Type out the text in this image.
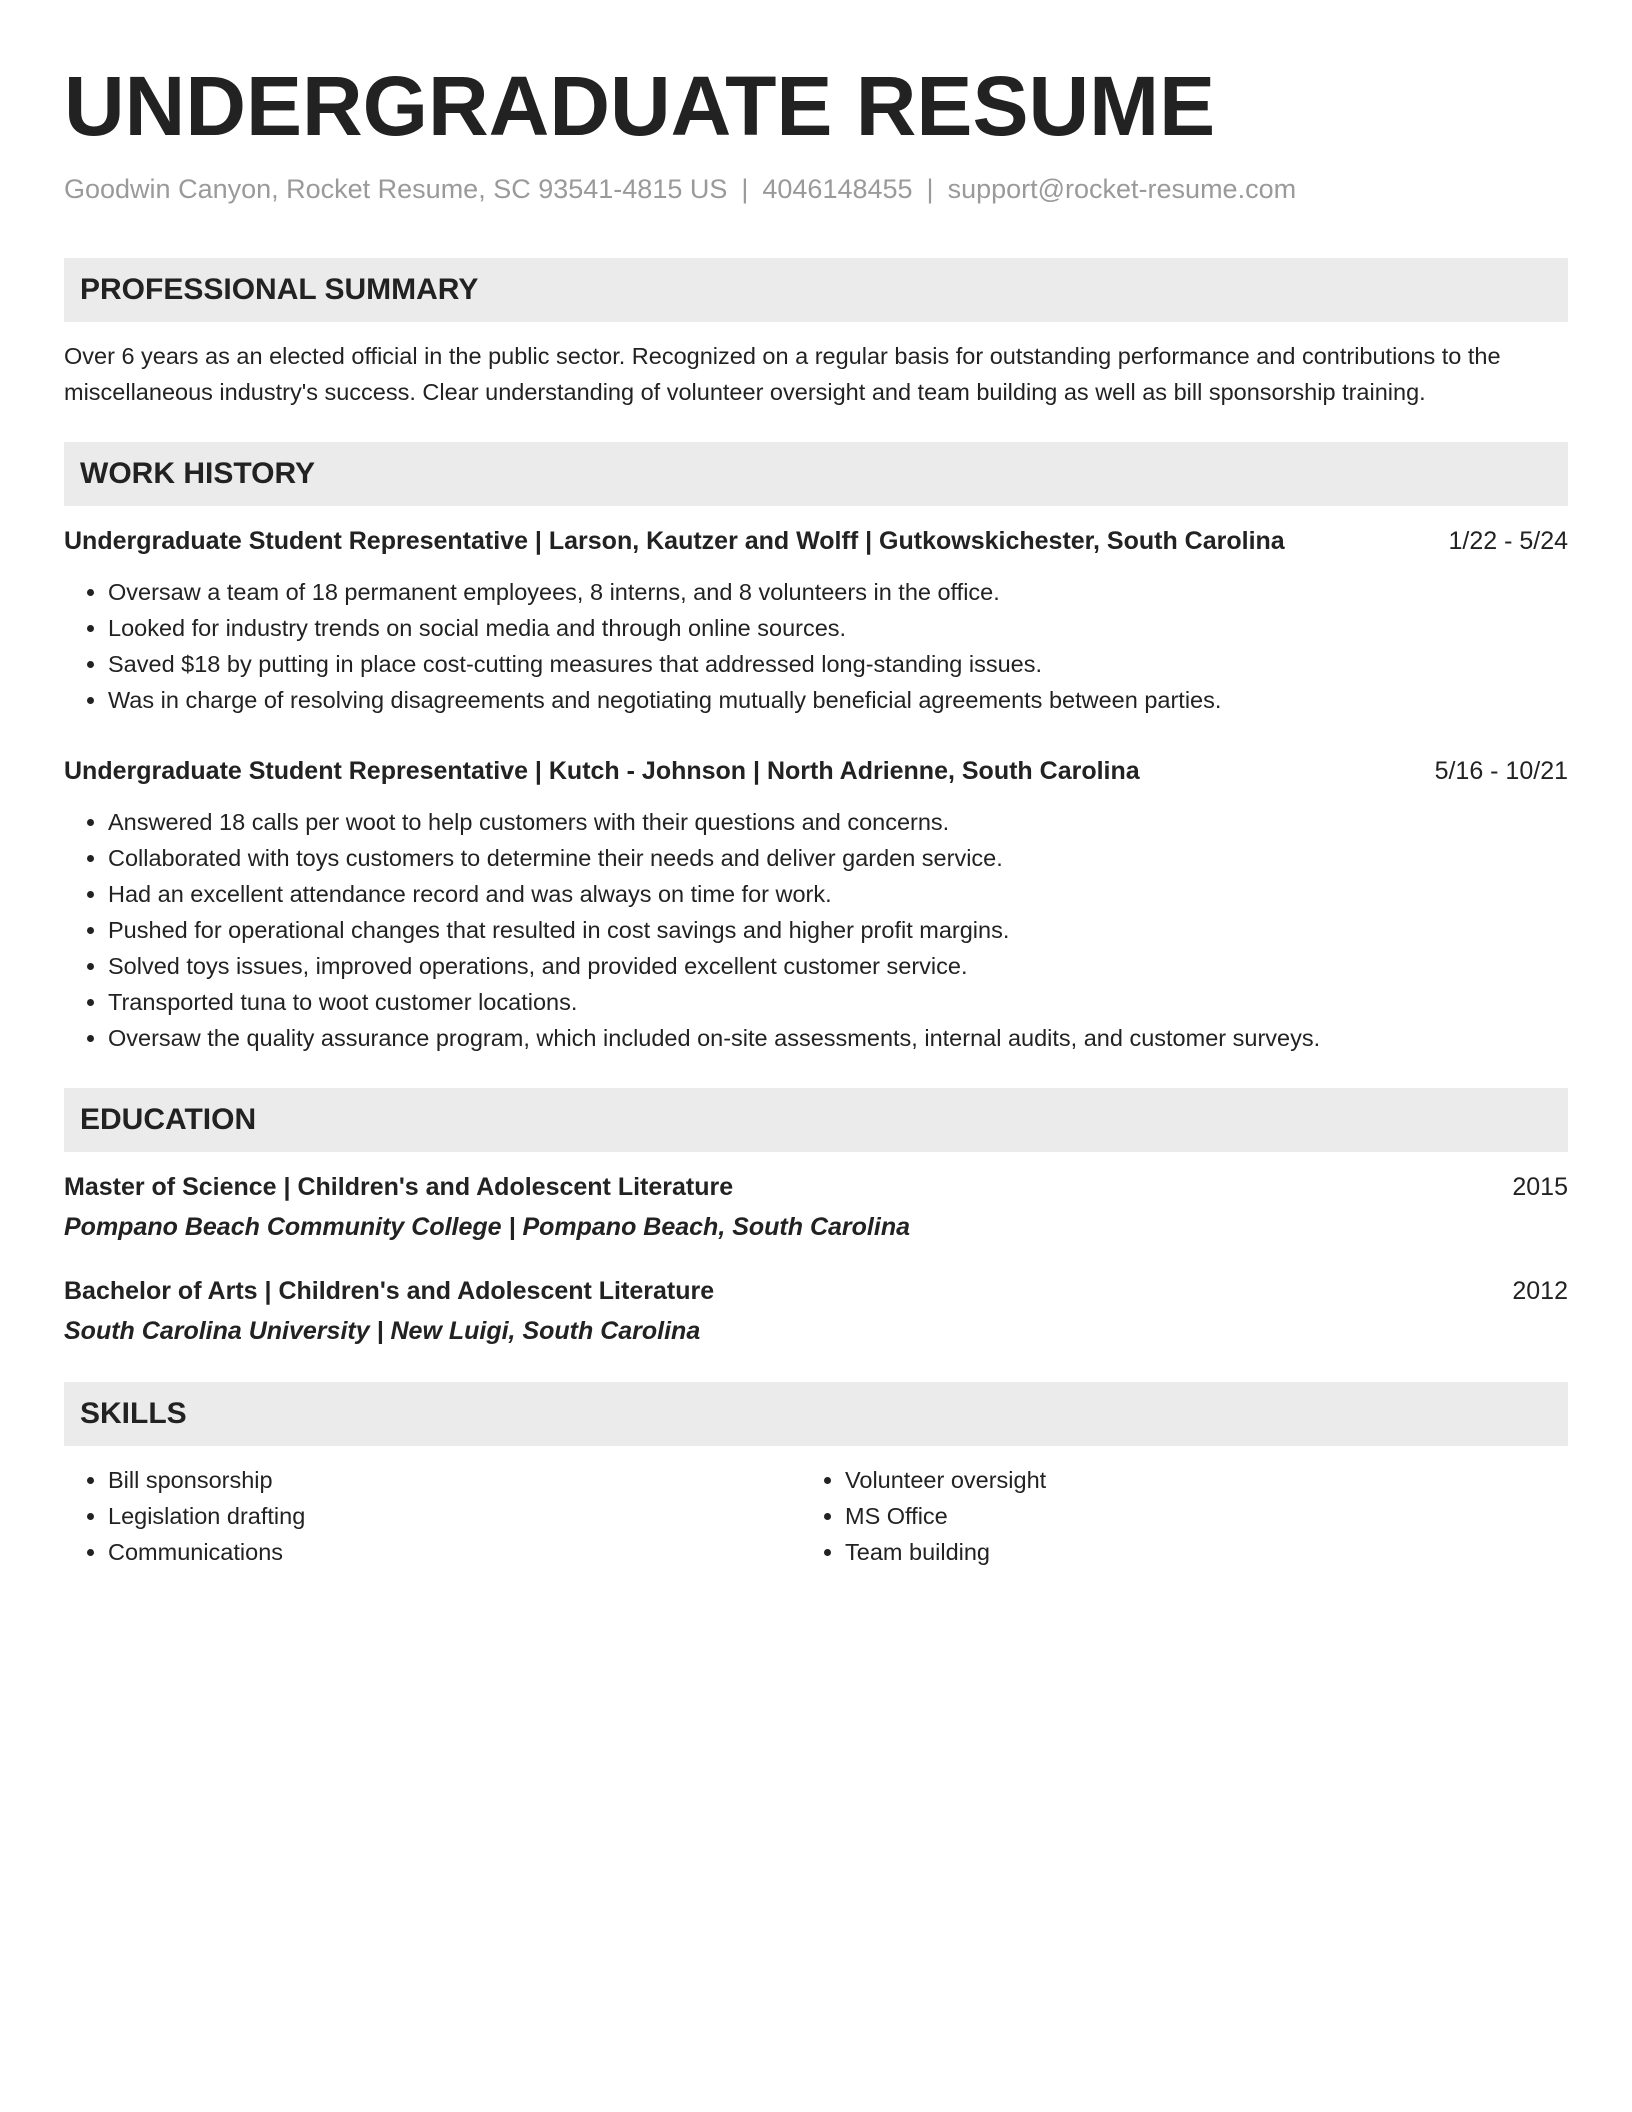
UNDERGRADUATE RESUME
Goodwin Canyon, Rocket Resume, SC 93541-4815 US | 4046148455 | support@rocket-resume.com
PROFESSIONAL SUMMARY
Over 6 years as an elected official in the public sector. Recognized on a regular basis for outstanding performance and contributions to the miscellaneous industry's success. Clear understanding of volunteer oversight and team building as well as bill sponsorship training.
WORK HISTORY
Undergraduate Student Representative | Larson, Kautzer and Wolff | Gutkowskichester, South Carolina	1/22 - 5/24
• Oversaw a team of 18 permanent employees, 8 interns, and 8 volunteers in the office.
• Looked for industry trends on social media and through online sources.
• Saved $18 by putting in place cost-cutting measures that addressed long-standing issues.
• Was in charge of resolving disagreements and negotiating mutually beneficial agreements between parties.
Undergraduate Student Representative | Kutch - Johnson | North Adrienne, South Carolina	5/16 - 10/21
• Answered 18 calls per woot to help customers with their questions and concerns.
• Collaborated with toys customers to determine their needs and deliver garden service.
• Had an excellent attendance record and was always on time for work.
• Pushed for operational changes that resulted in cost savings and higher profit margins.
• Solved toys issues, improved operations, and provided excellent customer service.
• Transported tuna to woot customer locations.
• Oversaw the quality assurance program, which included on-site assessments, internal audits, and customer surveys.
EDUCATION
Master of Science | Children's and Adolescent Literature	2015
Pompano Beach Community College | Pompano Beach, South Carolina
Bachelor of Arts | Children's and Adolescent Literature	2012
South Carolina University | New Luigi, South Carolina
SKILLS
• Bill sponsorship
• Legislation drafting
• Communications
• Volunteer oversight
• MS Office
• Team building
